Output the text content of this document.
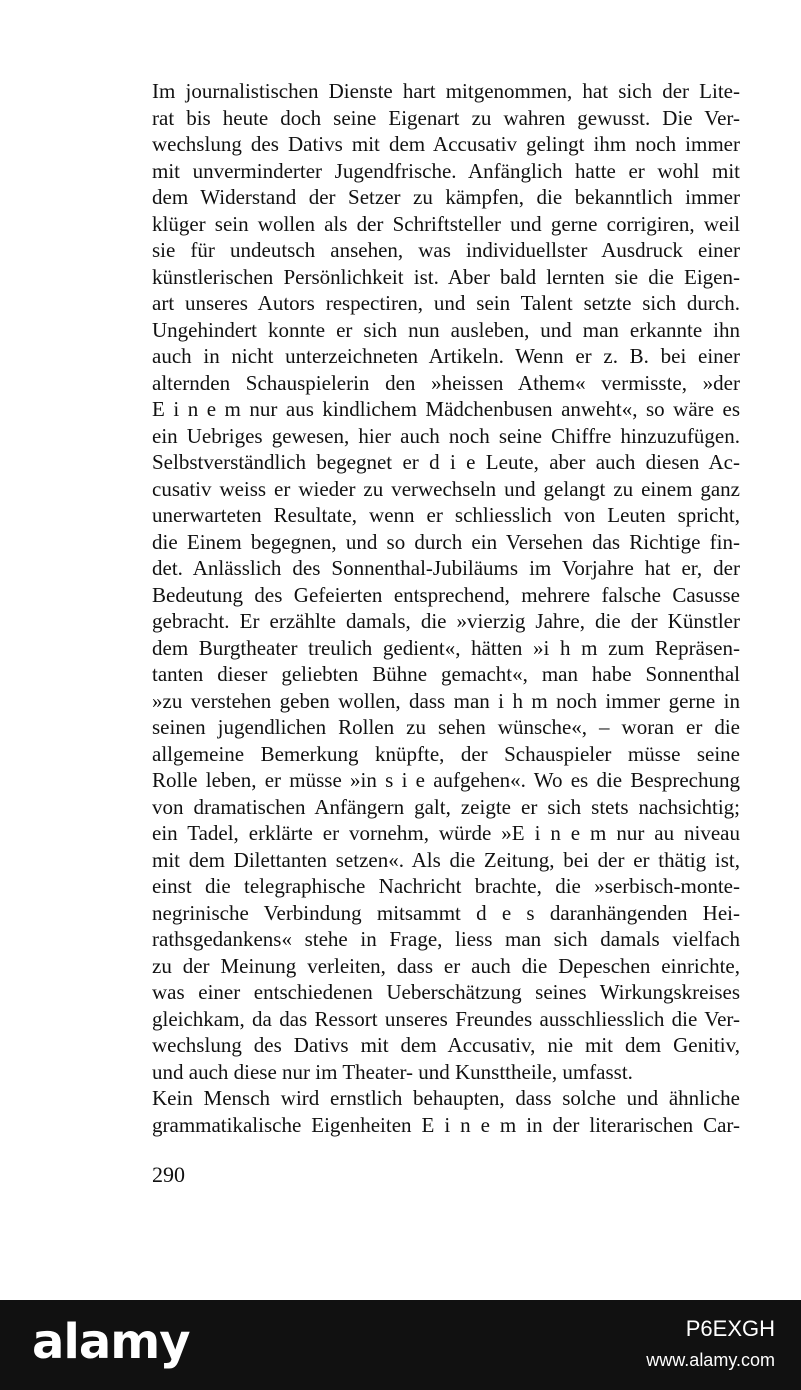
Im journalistischen Dienste hart mitgenommen, hat sich der Lite-
rat bis heute doch seine Eigenart zu wahren gewusst. Die Ver-
wechslung des Dativs mit dem Accusativ gelingt ihm noch immer
mit unverminderter Jugendfrische. Anfänglich hatte er wohl mit
dem Widerstand der Setzer zu kämpfen, die bekanntlich immer
klüger sein wollen als der Schriftsteller und gerne corrigiren, weil
sie für undeutsch ansehen, was individuellster Ausdruck einer
künstlerischen Persönlichkeit ist. Aber bald lernten sie die Eigen-
art unseres Autors respectiren, und sein Talent setzte sich durch.
Ungehindert konnte er sich nun ausleben, und man erkannte ihn
auch in nicht unterzeichneten Artikeln. Wenn er z. B. bei einer
alternden Schauspielerin den »heissen Athem« vermisste, »der
E i n e m nur aus kindlichem Mädchenbusen anweht«, so wäre es
ein Uebriges gewesen, hier auch noch seine Chiffre hinzuzufügen.
Selbstverständlich begegnet er d i e Leute, aber auch diesen Ac-
cusativ weiss er wieder zu verwechseln und gelangt zu einem ganz
unerwarteten Resultate, wenn er schliesslich von Leuten spricht,
die Einem begegnen, und so durch ein Versehen das Richtige fin-
det. Anlässlich des Sonnenthal-Jubiläums im Vorjahre hat er, der
Bedeutung des Gefeierten entsprechend, mehrere falsche Casusse
gebracht. Er erzählte damals, die »vierzig Jahre, die der Künstler
dem Burgtheater treulich gedient«, hätten »i h m zum Repräsen-
tanten dieser geliebten Bühne gemacht«, man habe Sonnenthal
»zu verstehen geben wollen, dass man i h m noch immer gerne in
seinen jugendlichen Rollen zu sehen wünsche«, – woran er die
allgemeine Bemerkung knüpfte, der Schauspieler müsse seine
Rolle leben, er müsse »in s i e aufgehen«. Wo es die Besprechung
von dramatischen Anfängern galt, zeigte er sich stets nachsichtig;
ein Tadel, erklärte er vornehm, würde »E i n e m nur au niveau
mit dem Dilettanten setzen«. Als die Zeitung, bei der er thätig ist,
einst die telegraphische Nachricht brachte, die »serbisch-monte-
negrinische Verbindung mitsammt d e s daranhängenden Hei-
rathsgedankens« stehe in Frage, liess man sich damals vielfach
zu der Meinung verleiten, dass er auch die Depeschen einrichte,
was einer entschiedenen Ueberschätzung seines Wirkungskreises
gleichkam, da das Ressort unseres Freundes ausschliesslich die Ver-
wechslung des Dativs mit dem Accusativ, nie mit dem Genitiv,
und auch diese nur im Theater- und Kunsttheile, umfasst.
Kein Mensch wird ernstlich behaupten, dass solche und ähnliche
grammatikalische Eigenheiten E i n e m in der literarischen Car-
290
alamy	P6EXGH
www.alamy.com
